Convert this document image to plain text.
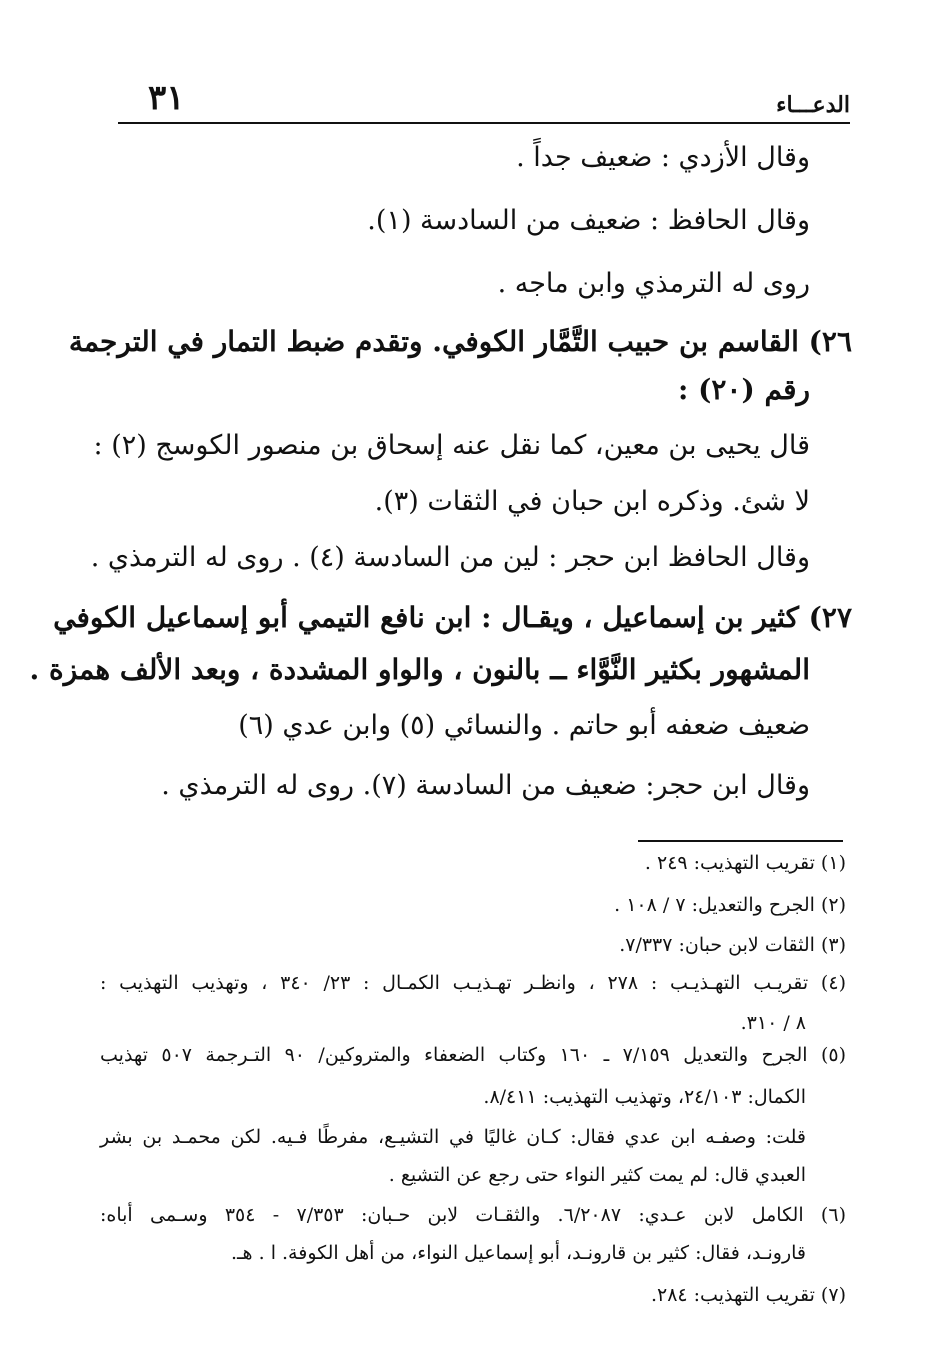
الدعـــاء
٣١
وقال الأزدي : ضعيف جداً .
وقال الحافظ : ضعيف من السادسة (١).
روى له الترمذي وابن ماجه .
٢٦) القاسم بن حبيب التَّمَّار الكوفي. وتقدم ضبط التمار في الترجمة
رقم (٢٠) :
قال يحيى بن معين، كما نقل عنه إسحاق بن منصور الكوسج (٢) :
لا شئ. وذكره ابن حبان في الثقات (٣).
وقال الحافظ ابن حجر : لين من السادسة (٤) . روى له الترمذي .
٢٧) كثير بن إسماعيل ، ويقـال : ابن نافع التيمي أبو إسماعيل الكوفي
المشهور بكثير النَّوَّاء ــ بالنون ، والواو المشددة ، وبعد الألف همزة .
ضعيف ضعفه أبو حاتم . والنسائي (٥) وابن عدي (٦)
وقال ابن حجر: ضعيف من السادسة (٧). روى له الترمذي .
(١) تقريب التهذيب: ٢٤٩ .
(٢) الجرح والتعديل: ٧ / ١٠٨ .
(٣) الثقات لابن حبان: ٧/٣٣٧.
(٤) تقريـب التهـذيـب : ٢٧٨ ، وانظـر تهـذيـب الكمـال : ٢٣/ ٣٤٠ ، وتهذيب التهذيب :
٨ / ٣١٠.
(٥) الجرح والتعديل ٧/١٥٩ ـ ١٦٠ وكتاب الضعفاء والمتروكين/ ٩٠ التـرجمة ٥٠٧ تهذيب
الكمال: ٢٤/١٠٣، وتهذيب التهذيب: ٨/٤١١.
قلت: وصفـه ابن عدي فقال: كـان غاليًا في التشيـع، مفرطًا فـيه. لكن محمـد بن بشر
العبدي قال: لم يمت كثير النواء حتى رجع عن التشيع .
(٦) الكامل لابن عـدي: ٦/٢٠٨٧. والثقـات لابن حـبان: ٧/٣٥٣ - ٣٥٤ وسـمى أباه:
قارونـد، فقال: كثير بن قارونـد، أبو إسماعيل النواء، من أهل الكوفة. ا . هـ.
(٧) تقريب التهذيب: ٢٨٤.
